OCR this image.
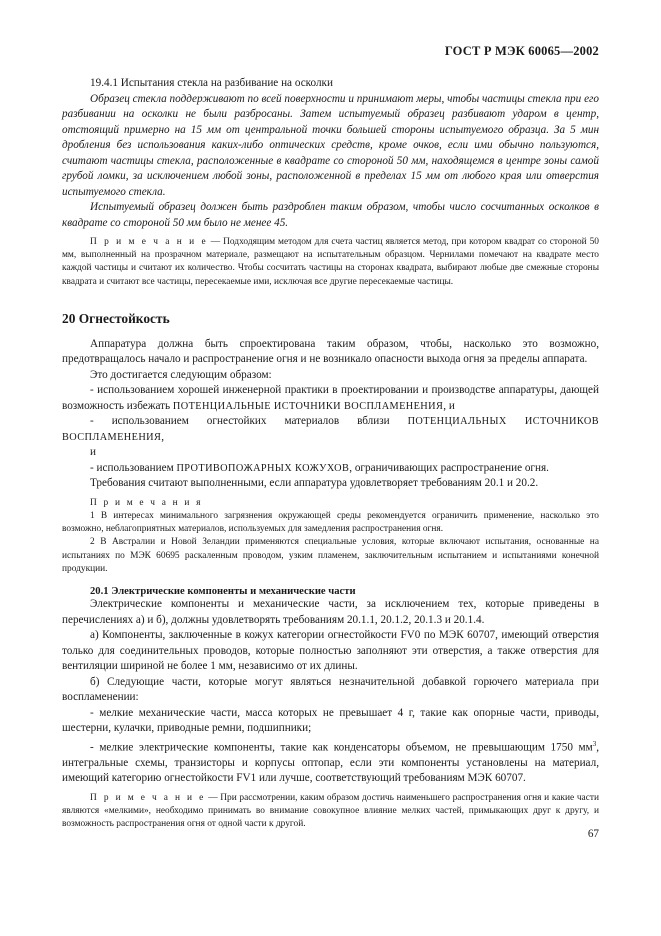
ГОСТ Р МЭК 60065—2002

19.4.1 Испытания стекла на разбивание на осколки

Образец стекла поддерживают по всей поверхности и принимают меры, чтобы частицы стекла при его разбивании на осколки не были разбросаны. Затем испытуемый образец разбивают ударом в центр, отстоящий примерно на 15 мм от центральной точки большей стороны испытуемого образца. За 5 мин дробления без использования каких-либо оптических средств, кроме очков, если ими обычно пользуются, считают частицы стекла, расположенные в квадрате со стороной 50 мм, находящемся в центре зоны самой грубой ломки, за исключением любой зоны, расположенной в пределах 15 мм от любого края или отверстия испытуемого стекла.

Испытуемый образец должен быть раздроблен таким образом, чтобы число сосчитанных осколков в квадрате со стороной 50 мм было не менее 45.

П р и м е ч а н и е — Подходящим методом для счета частиц является метод, при котором квадрат со стороной 50 мм, выполненный на прозрачном материале, размещают на испытательным образцом. Чернилами помечают на квадрате место каждой частицы и считают их количество. Чтобы сосчитать частицы на сторонах квадрата, выбирают любые две смежные стороны квадрата и считают все частицы, пересекаемые ими, исключая все другие пересекаемые частицы.

20 Огнестойкость

Аппаратура должна быть спроектирована таким образом, чтобы, насколько это возможно, предотвращалось начало и распространение огня и не возникало опасности выхода огня за пределы аппарата.

Это достигается следующим образом:

- использованием хорошей инженерной практики в проектировании и производстве аппаратуры, дающей возможность избежать ПОТЕНЦИАЛЬНЫЕ ИСТОЧНИКИ ВОСПЛАМЕНЕНИЯ, и

- использованием огнестойких материалов вблизи ПОТЕНЦИАЛЬНЫХ ИСТОЧНИКОВ ВОСПЛАМЕНЕНИЯ,

и

- использованием ПРОТИВОПОЖАРНЫХ КОЖУХОВ, ограничивающих распространение огня.

Требования считают выполненными, если аппаратура удовлетворяет требованиям 20.1 и 20.2.

П р и м е ч а н и я

1 В интересах минимального загрязнения окружающей среды рекомендуется ограничить применение, насколько это возможно, неблагоприятных материалов, используемых для замедления распространения огня.

2 В Австралии и Новой Зеландии применяются специальные условия, которые включают испытания, основанные на испытаниях по МЭК 60695 раскаленным проводом, узким пламенем, заключительным испытанием и испытаниями конечной продукции.

20.1 Электрические компоненты и механические части

Электрические компоненты и механические части, за исключением тех, которые приведены в перечислениях а) и б), должны удовлетворять требованиям 20.1.1, 20.1.2, 20.1.3 и 20.1.4.

а) Компоненты, заключенные в кожух категории огнестойкости FV0 по МЭК 60707, имеющий отверстия только для соединительных проводов, которые полностью заполняют эти отверстия, а также отверстия для вентиляции шириной не более 1 мм, независимо от их длины.

б) Следующие части, которые могут являться незначительной добавкой горючего материала при воспламенении:

- мелкие механические части, масса которых не превышает 4 г, такие как опорные части, приводы, шестерни, кулачки, приводные ремни, подшипники;

- мелкие электрические компоненты, такие как конденсаторы объемом, не превышающим 1750 $мм^3$, интегральные схемы, транзисторы и корпусы оптопар, если эти компоненты установлены на материал, имеющий категорию огнестойкости FV1 или лучше, соответствующий требованиям МЭК 60707.

П р и м е ч а н и е — При рассмотрении, каким образом достичь наименьшего распространения огня и какие части являются «мелкими», необходимо принимать во внимание совокупное влияние мелких частей, примыкающих друг к другу, и возможность распространения огня от одной части к другой.

67
